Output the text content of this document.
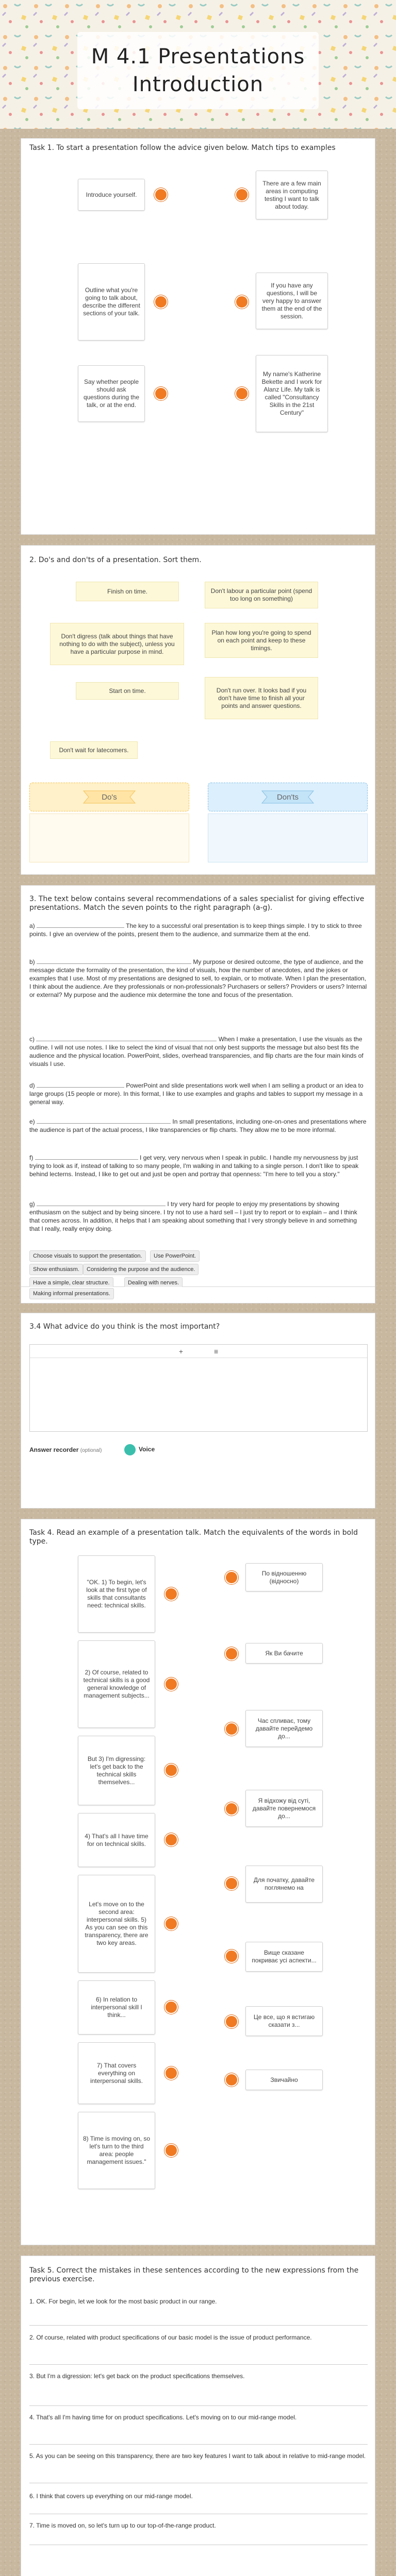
M 4.1 Presentations
Introduction
Task 1. To start a presentation follow the advice given below. Match tips to examples
Introduce yourself.
Outline what you're going to talk about, describe the different sections of your talk.
Say whether people should ask questions during the talk, or at the end.
There are a few main areas in computing testing I want to talk about today.
If you have any questions, I will be very happy to answer them at the end of the session.
My name's Katherine Bekette and I work for Alanz Life. My talk is called "Consultancy Skills in the 21st Century"
2. Do's and don'ts of a presentation. Sort them.
Finish on time.	Don't labour a particular point (spend too long on something)
Don't digress (talk about things that have nothing to do with the subject), unless you have a particular purpose in mind.
Plan how long you're going to spend on each point and keep to these timings.
Start on time.	Don't run over. It looks bad if you don't have time to finish all your points and answer questions.
Don't wait for latecomers.
Do's	Don'ts
3. The text below contains several recommendations of a sales specialist for giving effective presentations. Match the seven points to the right paragraph (a-g).
a)	The key to a successful oral presentation is to keep things simple. I try to stick to three points. I give an overview of the points, present them to the audience, and summarize them at the end.
b)	My purpose or desired outcome, the type of audience, and the message dictate the formality of the presentation, the kind of visuals, how the number of anecdotes, and the jokes or examples that I use. Most of my presentations are designed to sell, to explain, or to motivate. When I plan the presentation, I think about the audience. Are they professionals or non-professionals? Purchasers or sellers? Providers or users? Internal or external? My purpose and the audience mix determine the tone and focus of the presentation.
c)	When I make a presentation, I use the visuals as the outline. I will not use notes. I like to select the kind of visual that not only best supports the message but also best fits the audience and the physical location. PowerPoint, slides, overhead transparencies, and flip charts are the four main kinds of visuals I use.
d)	PowerPoint and slide presentations work well when I am selling a product or an idea to large groups (15 people or more). In this format, I like to use examples and graphs and tables to support my message in a general way.
e)	In small presentations, including one-on-ones and presentations where the audience is part of the actual process, I like transparencies or flip charts. They allow me to be more informal.
f)	I get very, very nervous when I speak in public. I handle my nervousness by just trying to look as if, instead of talking to so many people, I'm walking in and talking to a single person. I don't like to speak behind lecterns. Instead, I like to get out and just be open and portray that openness: "I'm here to tell you a story."
g)	I try very hard for people to enjoy my presentations by showing enthusiasm on the subject and by being sincere. I try not to use a hard sell – I just try to report or to explain – and I think that comes across. In addition, it helps that I am speaking about something that I very strongly believe in and something that I really, really enjoy doing.
Choose visuals to support the presentation.	Use PowerPoint.
Show enthusiasm.	Considering the purpose and the audience.
Have a simple, clear structure.	Dealing with nerves.
Making informal presentations.
3.4 What advice do you think is the most important?
+	≡
Answer recorder (optional)	Voice
Task 4. Read an example of a presentation talk. Match the equivalents of the words in bold type.
"OK. 1) To begin, let's look at the first type of skills that consultants need: technical skills.
2) Of course, related to technical skills is a good general knowledge of management subjects...
But 3) I'm digressing: let's get back to the technical skills themselves...
4) That's all I have time for on technical skills.
Let's move on to the second area: interpersonal skills. 5) As you can see on this transparency, there are two key areas.
6) In relation to interpersonal skill I think...
7) That covers everything on interpersonal skills.
8) Time is moving on, so let's turn to the third area: people management issues."
По відношенню (відносно)
Як Ви бачите
Час спливає, тому давайте перейдемо до...
Я відхожу від суті, давайте повернемося до...
Для початку, давайте поглянемо на
Вище сказане покриває усі аспекти...
Це все, що я встигаю сказати з...
Звичайно
Task 5. Correct the mistakes in these sentences according to the new expressions from the previous exercise.
1. OK. For begin, let we look for the most basic product in our range.
2. Of course, related with product specifications of our basic model is the issue of product performance.
3. But I'm a digression: let's get back on the product specifications themselves.
4. That's all I'm having time for on product specifications. Let's moving on to our mid-range model.
5. As you can be seeing on this transparency, there are two key features I want to talk about in relative to mid-range model.
6. I think that covers up everything on our mid-range model.
7. Time is moved on, so let's turn up to our top-of-the-range product.
